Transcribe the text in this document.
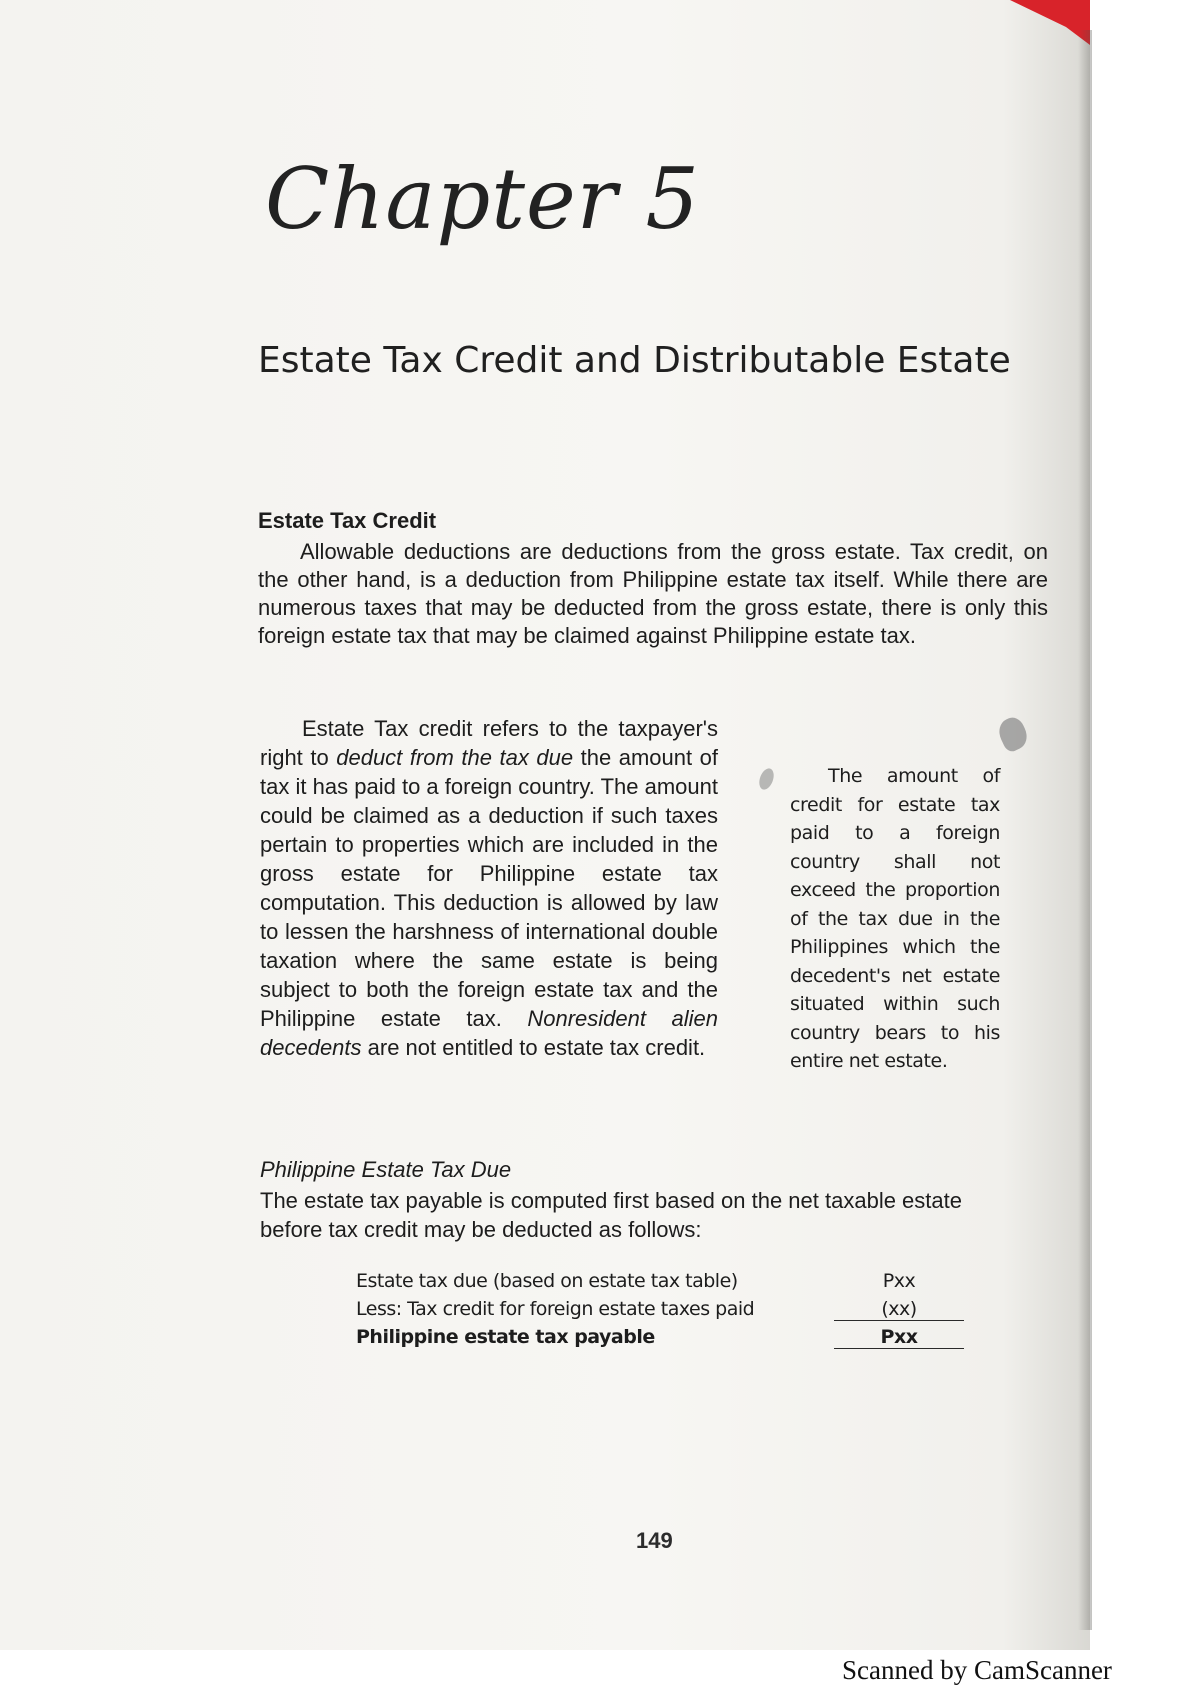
Chapter 5
Estate Tax Credit and Distributable Estate
Estate Tax Credit
Allowable deductions are deductions from the gross estate. Tax credit, on the other hand, is a deduction from Philippine estate tax itself. While there are numerous taxes that may be deducted from the gross estate, there is only this foreign estate tax that may be claimed against Philippine estate tax.
Estate Tax credit refers to the taxpayer's right to deduct from the tax due the amount of tax it has paid to a foreign country. The amount could be claimed as a deduction if such taxes pertain to properties which are included in the gross estate for Philippine estate tax computation. This deduction is allowed by law to lessen the harshness of international double taxation where the same estate is being subject to both the foreign estate tax and the Philippine estate tax. Nonresident alien decedents are not entitled to estate tax credit.
The amount of credit for estate tax paid to a foreign country shall not exceed the proportion of the tax due in the Philippines which the decedent's net estate situated within such country bears to his entire net estate.
Philippine Estate Tax Due
The estate tax payable is computed first based on the net taxable estate before tax credit may be deducted as follows:
Estate tax due (based on estate tax table)	Pxx
Less: Tax credit for foreign estate taxes paid	(xx)
Philippine estate tax payable	Pxx
149
Scanned by CamScanner
